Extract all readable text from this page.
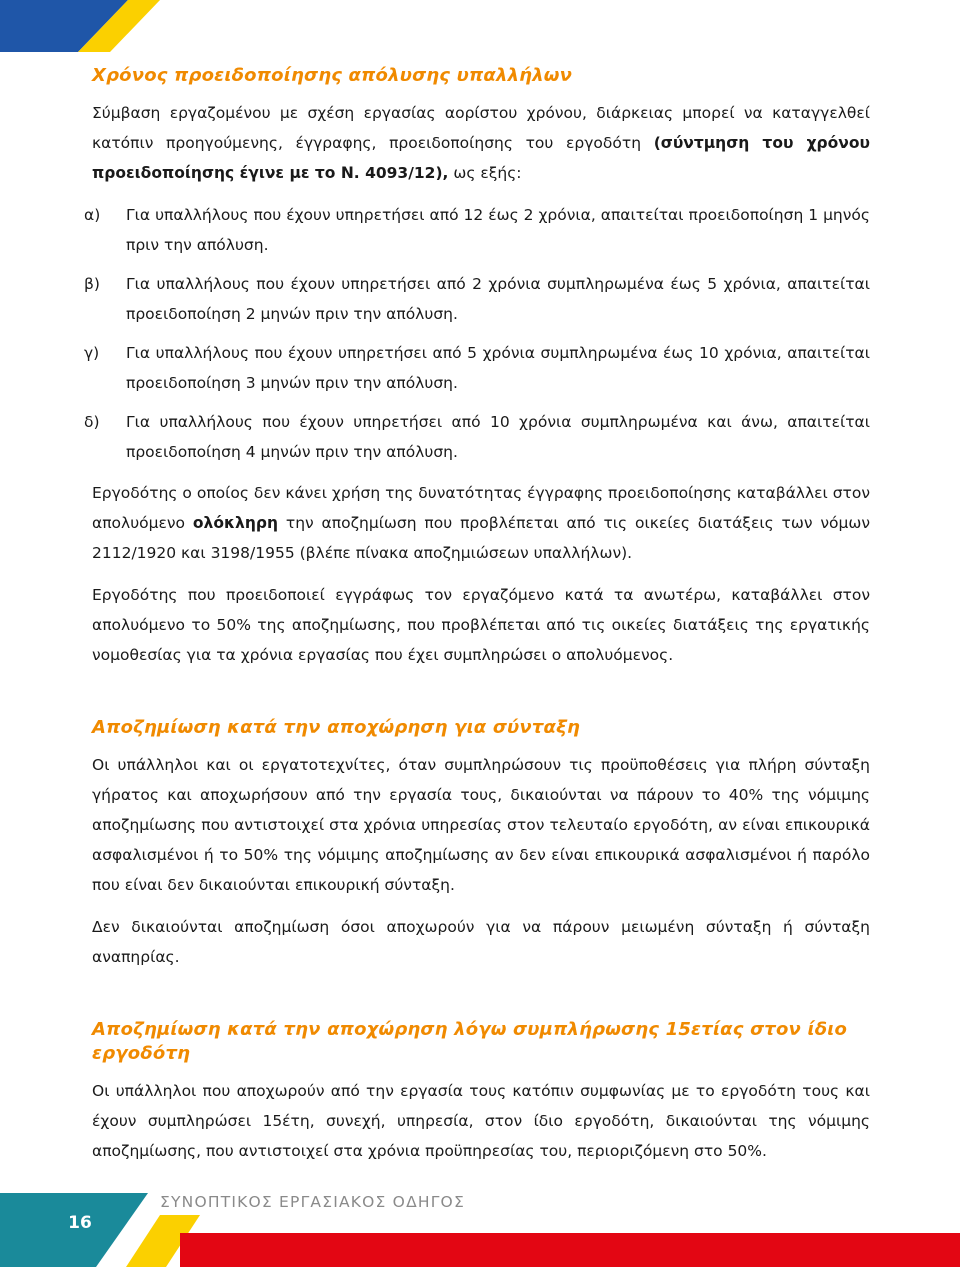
Χρόνος προειδοποίησης απόλυσης υπαλλήλων

Σύμβαση εργαζομένου με σχέση εργασίας αορίστου χρόνου, διάρκειας μπορεί να καταγγελθεί κατόπιν προηγούμενης, έγγραφης, προειδοποίησης του εργοδότη (σύντμηση του χρόνου προειδοποίησης έγινε με το Ν. 4093/12), ως εξής:

α)	Για υπαλλήλους που έχουν υπηρετήσει από 12 έως 2 χρόνια, απαιτείται προειδοποίηση 1 μηνός πριν την απόλυση.
β)	Για υπαλλήλους που έχουν υπηρετήσει από 2 χρόνια συμπληρωμένα έως 5 χρόνια, απαιτείται προειδοποίηση 2 μηνών πριν την απόλυση.
γ)	Για υπαλλήλους που έχουν υπηρετήσει από 5 χρόνια συμπληρωμένα έως 10 χρόνια, απαιτείται προειδοποίηση 3 μηνών πριν την απόλυση.
δ)	Για υπαλλήλους που έχουν υπηρετήσει από 10 χρόνια συμπληρωμένα και άνω, απαιτείται προειδοποίηση 4 μηνών πριν την απόλυση.

Εργοδότης ο οποίος δεν κάνει χρήση της δυνατότητας έγγραφης προειδοποίησης καταβάλλει στον απολυόμενο ολόκληρη την αποζημίωση που προβλέπεται από τις οικείες διατάξεις των νόμων 2112/1920 και 3198/1955 (βλέπε πίνακα αποζημιώσεων υπαλλήλων).

Εργοδότης που προειδοποιεί εγγράφως τον εργαζόμενο κατά τα ανωτέρω, καταβάλλει στον απολυόμενο το 50% της αποζημίωσης, που προβλέπεται από τις οικείες διατάξεις της εργατικής νομοθεσίας για τα χρόνια εργασίας που έχει συμπληρώσει ο απολυόμενος.

Αποζημίωση κατά την αποχώρηση για σύνταξη

Οι υπάλληλοι και οι εργατοτεχνίτες, όταν συμπληρώσουν τις προϋποθέσεις για πλήρη σύνταξη γήρατος και αποχωρήσουν από την εργασία τους, δικαιούνται να πάρουν το 40% της νόμιμης αποζημίωσης που αντιστοιχεί στα χρόνια υπηρεσίας στον τελευταίο εργοδότη, αν είναι επικουρικά ασφαλισμένοι ή το 50% της νόμιμης αποζημίωσης αν δεν είναι επικουρικά ασφαλισμένοι ή παρόλο που είναι δεν δικαιούνται επικουρική σύνταξη.

Δεν δικαιούνται αποζημίωση όσοι αποχωρούν για να πάρουν μειωμένη σύνταξη ή σύνταξη αναπηρίας.

Αποζημίωση κατά την αποχώρηση λόγω συμπλήρωσης 15ετίας στον ίδιο εργοδότη

Οι υπάλληλοι που αποχωρούν από την εργασία τους κατόπιν συμφωνίας με το εργοδότη τους και έχουν συμπληρώσει 15έτη, συνεχή, υπηρεσία, στον ίδιο εργοδότη, δικαιούνται της νόμιμης αποζημίωσης, που αντιστοιχεί στα χρόνια προϋπηρεσίας του, περιοριζόμενη στο 50%.

16
ΣΥΝΟΠΤΙΚΟΣ ΕΡΓΑΣΙΑΚΟΣ ΟΔΗΓΟΣ
